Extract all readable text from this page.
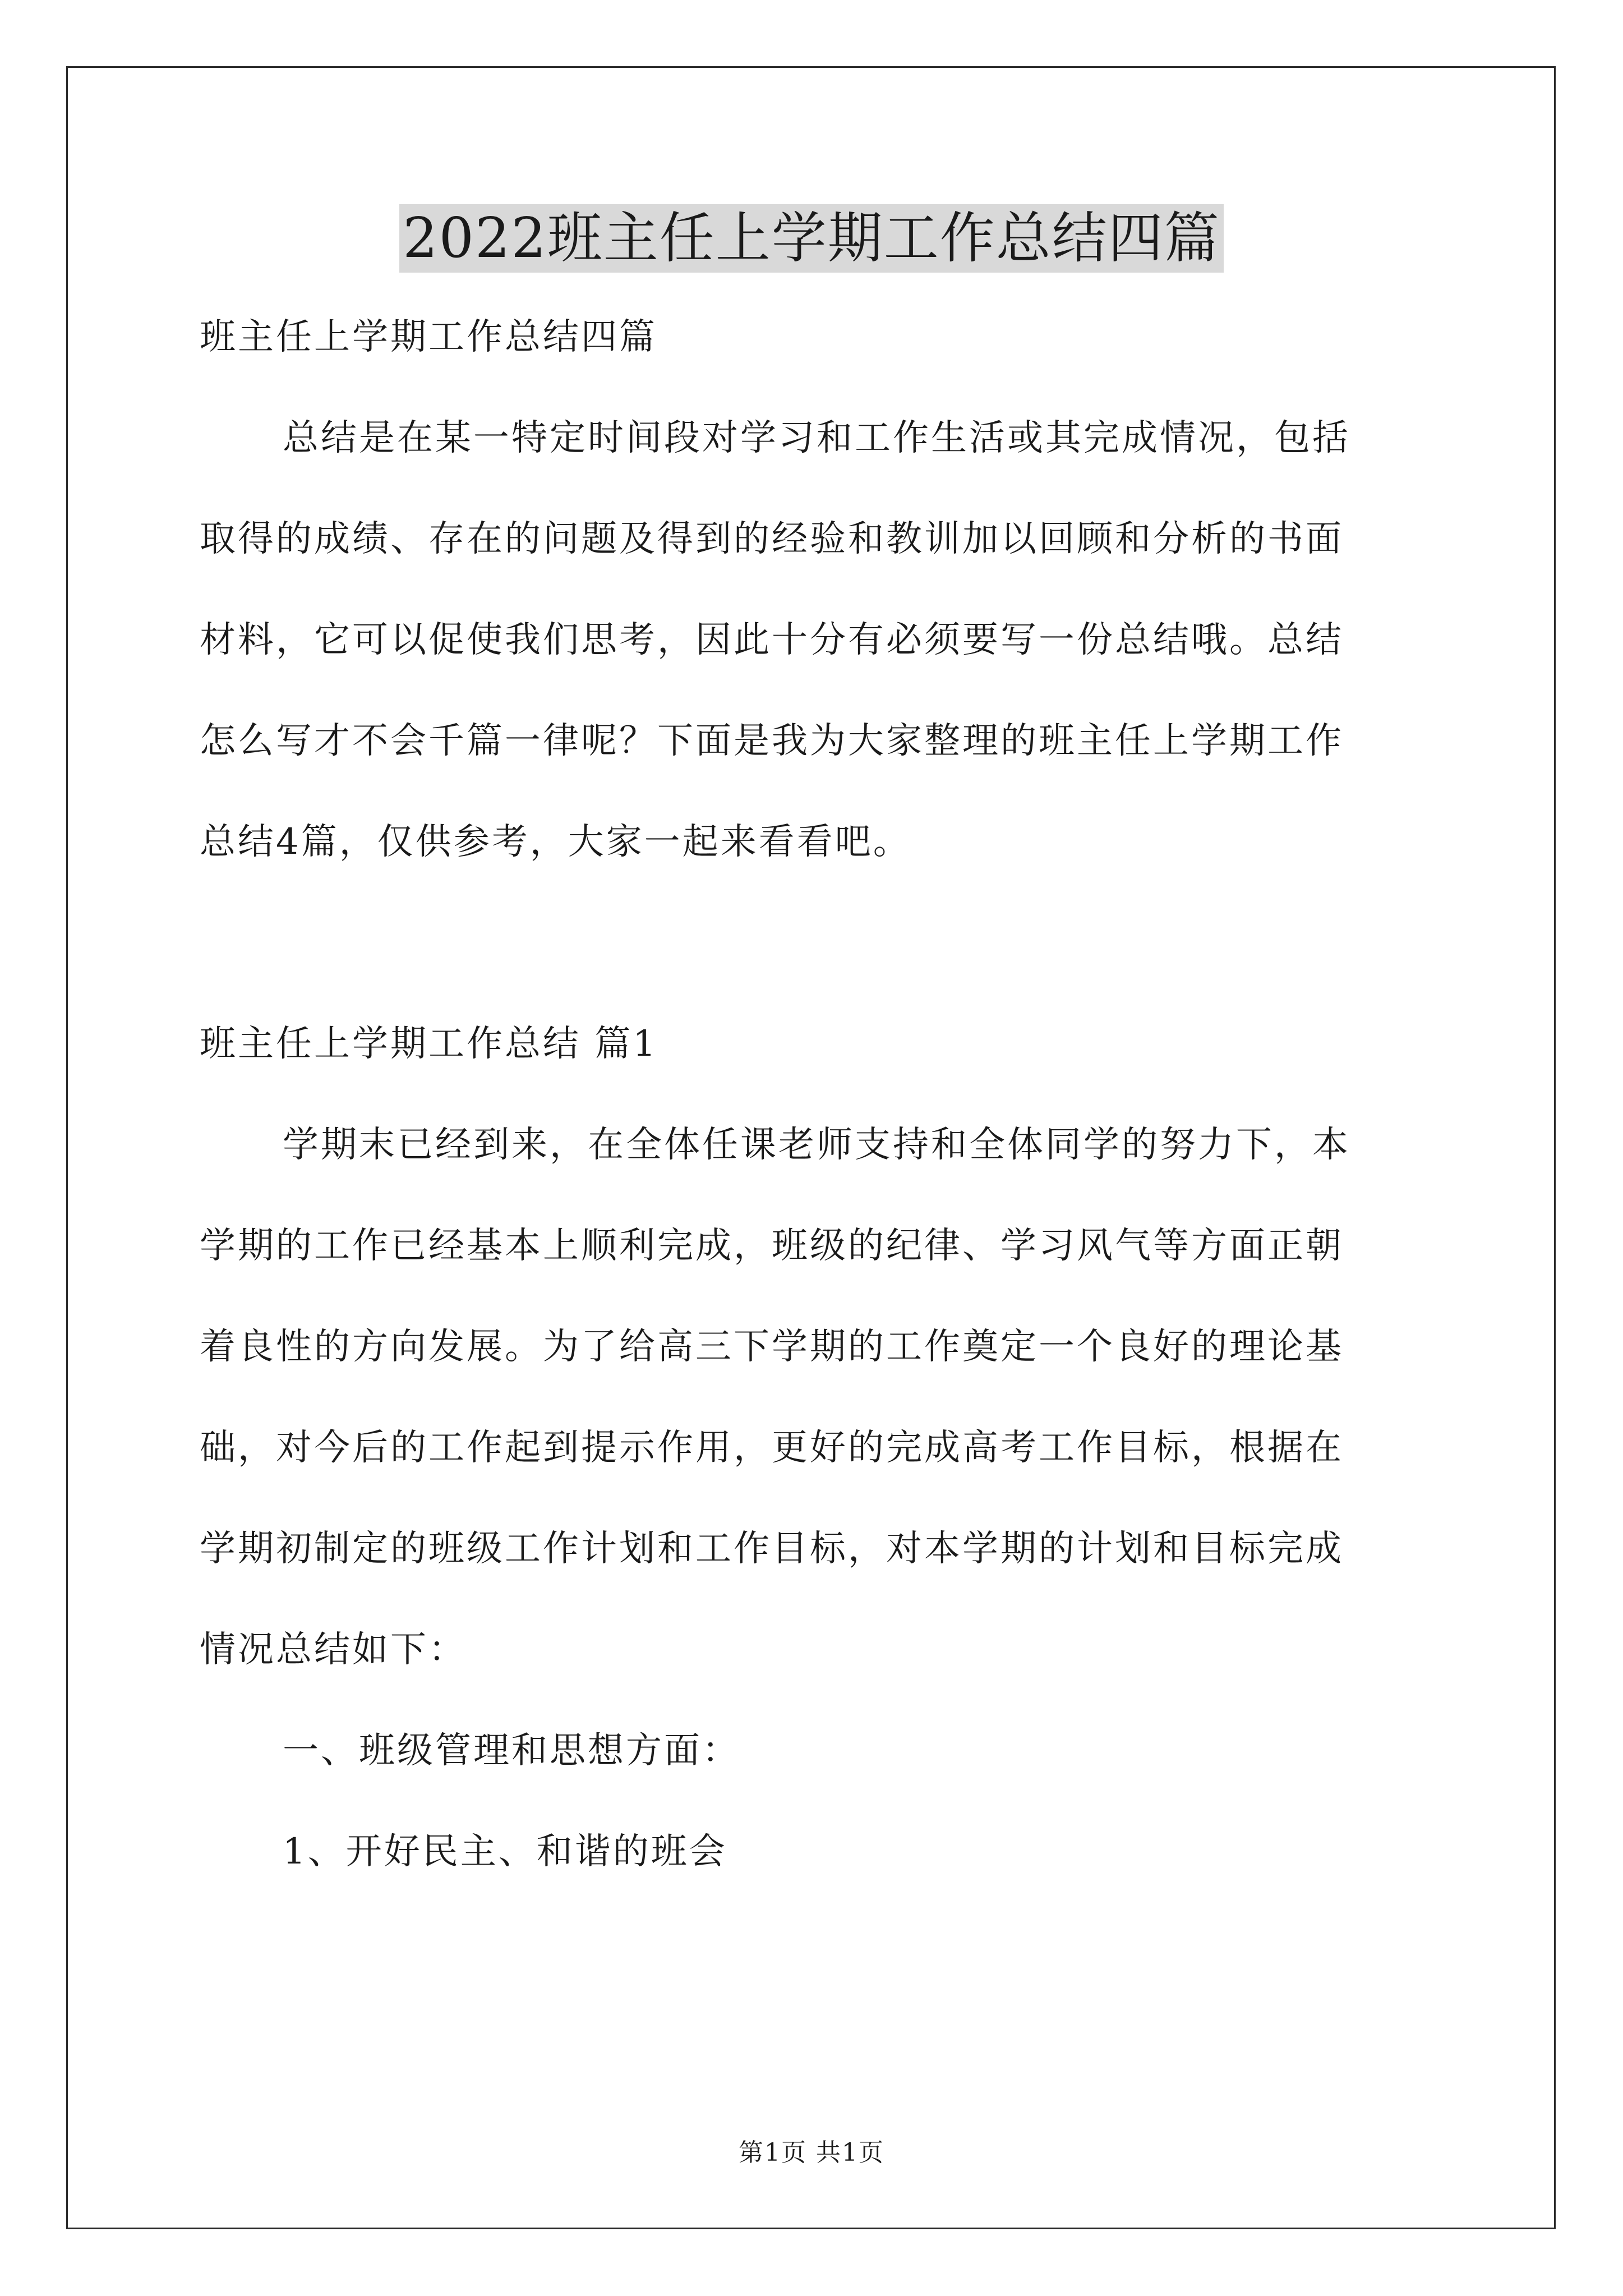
2022班主任上学期工作总结四篇
班主任上学期工作总结四篇
总结是在某一特定时间段对学习和工作生活或其完成情况，包括
取得的成绩、存在的问题及得到的经验和教训加以回顾和分析的书面
材料，它可以促使我们思考，因此十分有必须要写一份总结哦。总结
怎么写才不会千篇一律呢？下面是我为大家整理的班主任上学期工作
总结4篇，仅供参考，大家一起来看看吧。
班主任上学期工作总结 篇1
学期末已经到来，在全体任课老师支持和全体同学的努力下，本
学期的工作已经基本上顺利完成，班级的纪律、学习风气等方面正朝
着良性的方向发展。为了给高三下学期的工作奠定一个良好的理论基
础，对今后的工作起到提示作用，更好的完成高考工作目标，根据在
学期初制定的班级工作计划和工作目标，对本学期的计划和目标完成
情况总结如下：
一、班级管理和思想方面：
1、开好民主、和谐的班会
第1页 共1页
